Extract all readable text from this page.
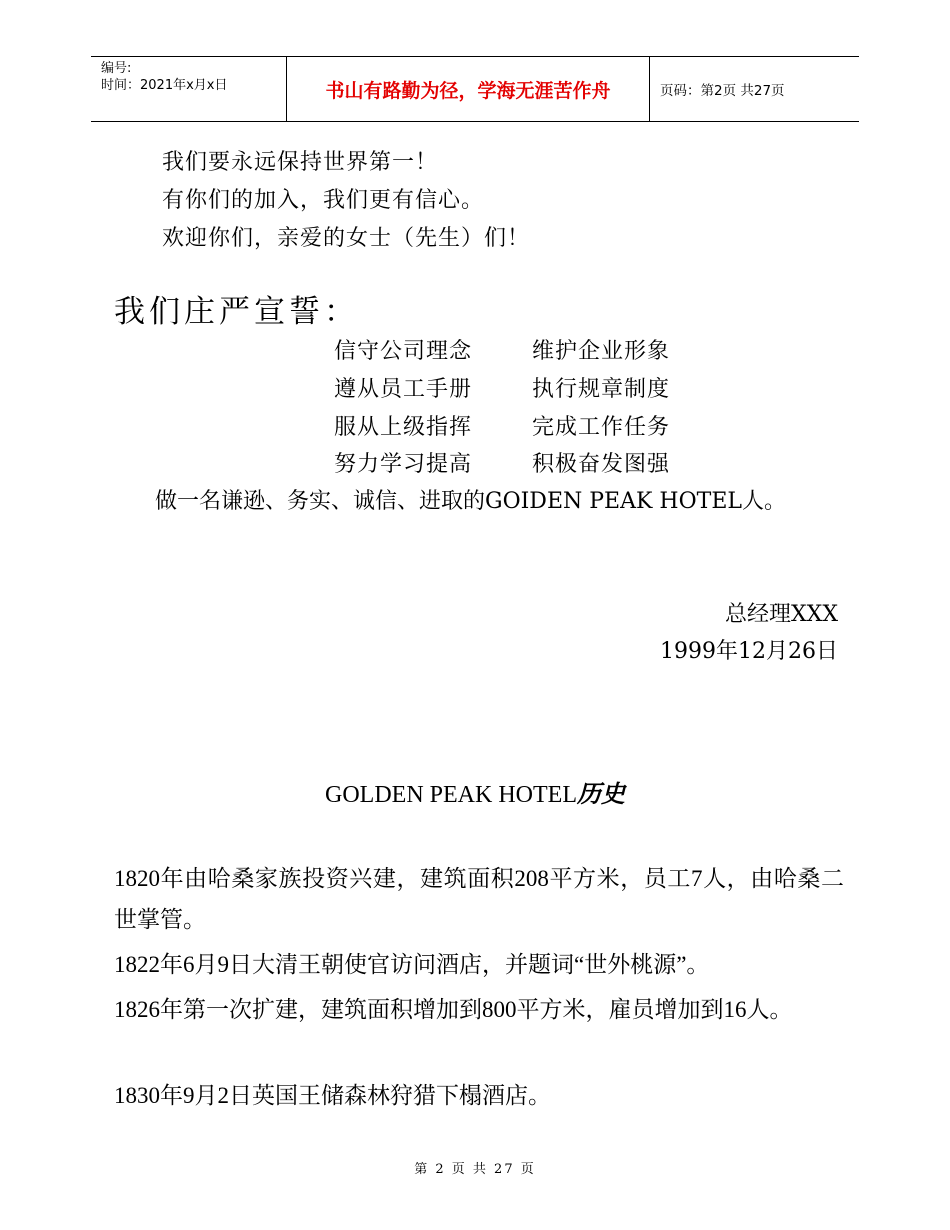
编号:
时间：2021年x月x日	书山有路勤为径，学海无涯苦作舟	页码：第2页 共27页
我们要永远保持世界第一！
有你们的加入，我们更有信心。
欢迎你们，亲爱的女士（先生）们！
我们庄严宣誓：
信守公司理念	维护企业形象
遵从员工手册	执行规章制度
服从上级指挥	完成工作任务
努力学习提高	积极奋发图强
做一名谦逊、务实、诚信、进取的GOIDEN PEAK HOTEL人。
总经理XXX
1999年12月26日
GOLDEN PEAK HOTEL历史
1820年由哈桑家族投资兴建，建筑面积208平方米，员工7人，由哈桑二世掌管。
1822年6月9日大清王朝使官访问酒店，并题词“世外桃源”。
1826年第一次扩建，建筑面积增加到800平方米，雇员增加到16人。
1830年9月2日英国王储森林狩猎下榻酒店。
第 2 页 共 27 页
